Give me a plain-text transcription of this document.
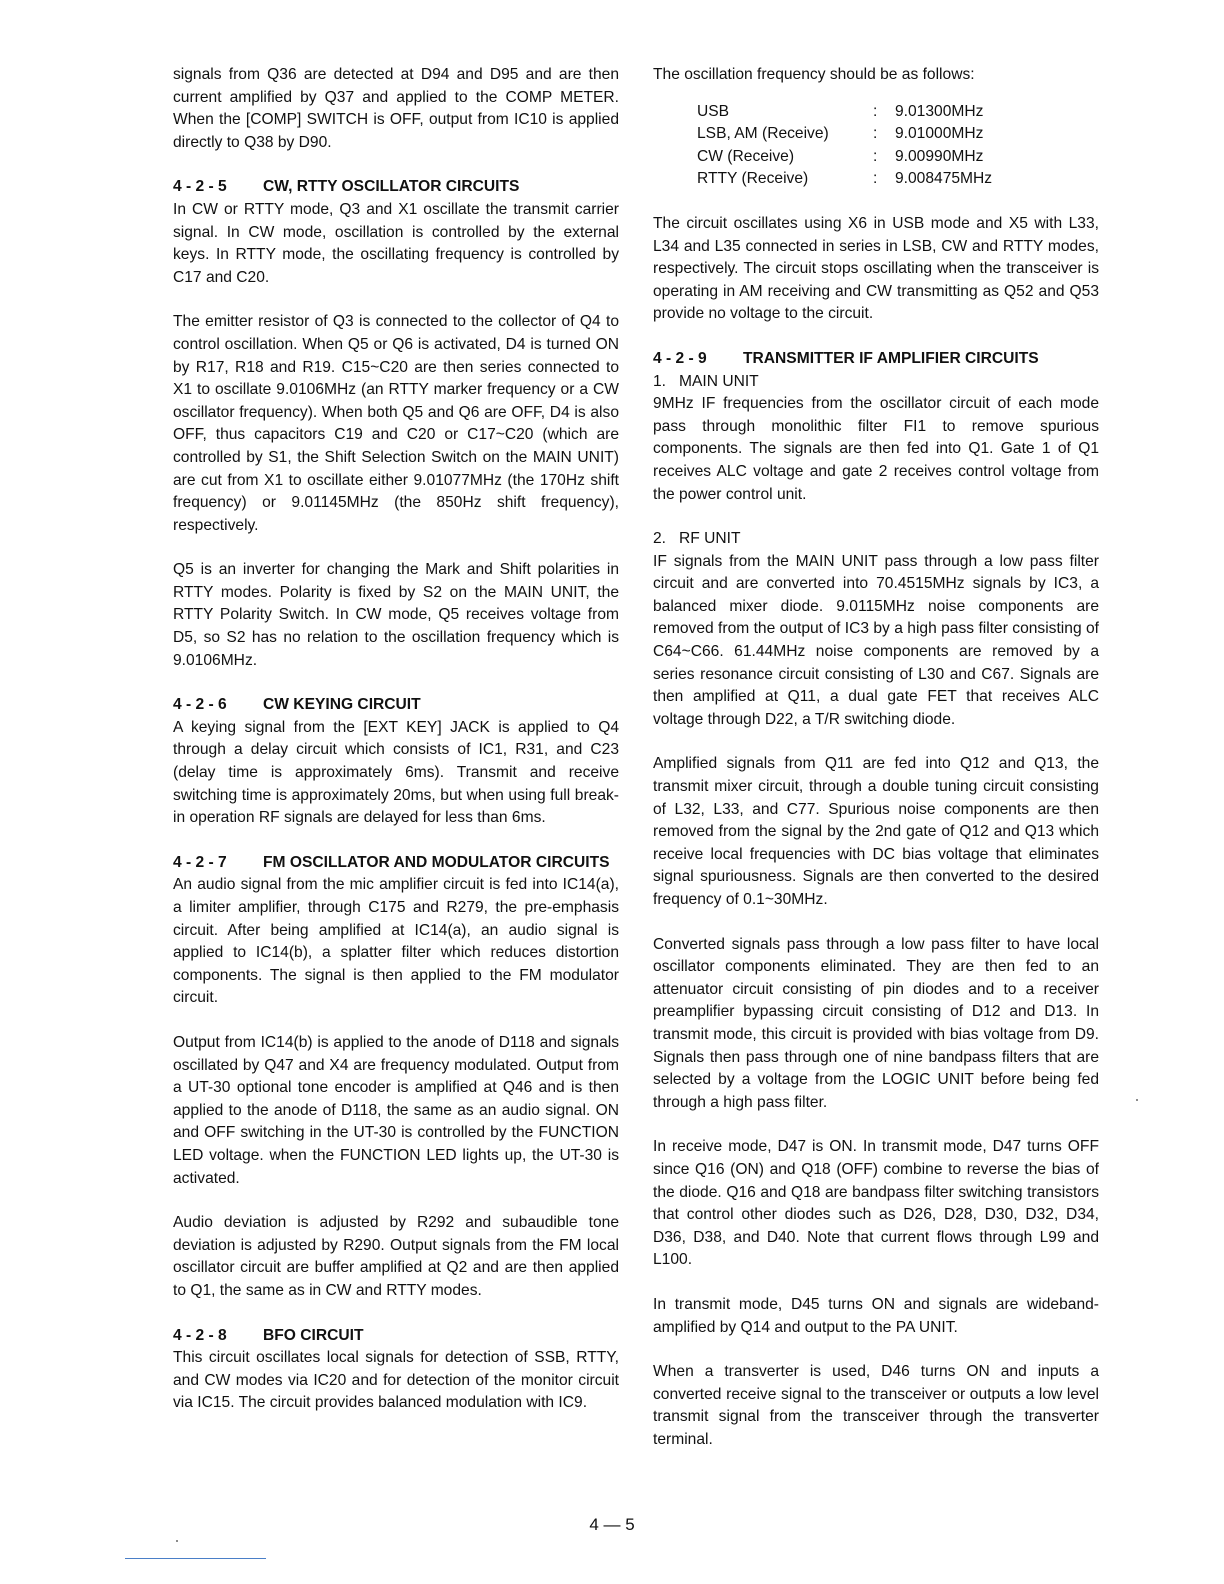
signals from Q36 are detected at D94 and D95 and are then current amplified by Q37 and applied to the COMP METER. When the [COMP] SWITCH is OFF, output from IC10 is applied directly to Q38 by D90.

4 - 2 - 5	CW, RTTY OSCILLATOR CIRCUITS

In CW or RTTY mode, Q3 and X1 oscillate the transmit carrier signal. In CW mode, oscillation is controlled by the external keys. In RTTY mode, the oscillating frequency is controlled by C17 and C20.

The emitter resistor of Q3 is connected to the collector of Q4 to control oscillation. When Q5 or Q6 is activated, D4 is turned ON by R17, R18 and R19. C15~C20 are then series connected to X1 to oscillate 9.0106MHz (an RTTY marker frequency or a CW oscillator frequency). When both Q5 and Q6 are OFF, D4 is also OFF, thus capacitors C19 and C20 or C17~C20 (which are controlled by S1, the Shift Selection Switch on the MAIN UNIT) are cut from X1 to oscillate either 9.01077MHz (the 170Hz shift frequency) or 9.01145MHz (the 850Hz shift frequency), respectively.

Q5 is an inverter for changing the Mark and Shift polarities in RTTY modes. Polarity is fixed by S2 on the MAIN UNIT, the RTTY Polarity Switch. In CW mode, Q5 receives voltage from D5, so S2 has no relation to the oscillation frequency which is 9.0106MHz.

4 - 2 - 6	CW KEYING CIRCUIT

A keying signal from the [EXT KEY] JACK is applied to Q4 through a delay circuit which consists of IC1, R31, and C23 (delay time is approximately 6ms). Transmit and receive switching time is approximately 20ms, but when using full break-in operation RF signals are delayed for less than 6ms.

4 - 2 - 7	FM OSCILLATOR AND MODULATOR CIRCUITS

An audio signal from the mic amplifier circuit is fed into IC14(a), a limiter amplifier, through C175 and R279, the pre-emphasis circuit. After being amplified at IC14(a), an audio signal is applied to IC14(b), a splatter filter which reduces distortion components. The signal is then applied to the FM modulator circuit.

Output from IC14(b) is applied to the anode of D118 and signals oscillated by Q47 and X4 are frequency modulated. Output from a UT-30 optional tone encoder is amplified at Q46 and is then applied to the anode of D118, the same as an audio signal. ON and OFF switching in the UT-30 is controlled by the FUNCTION LED voltage. when the FUNCTION LED lights up, the UT-30 is activated.

Audio deviation is adjusted by R292 and subaudible tone deviation is adjusted by R290. Output signals from the FM local oscillator circuit are buffer amplified at Q2 and are then applied to Q1, the same as in CW and RTTY modes.

4 - 2 - 8	BFO CIRCUIT

This circuit oscillates local signals for detection of SSB, RTTY, and CW modes via IC20 and for detection of the monitor circuit via IC15. The circuit provides balanced modulation with IC9.

The oscillation frequency should be as follows:

USB	:	9.01300MHz
LSB, AM (Receive)	:	9.01000MHz
CW (Receive)	:	9.00990MHz
RTTY (Receive)	:	9.008475MHz

The circuit oscillates using X6 in USB mode and X5 with L33, L34 and L35 connected in series in LSB, CW and RTTY modes, respectively. The circuit stops oscillating when the transceiver is operating in AM receiving and CW transmitting as Q52 and Q53 provide no voltage to the circuit.

4 - 2 - 9	TRANSMITTER IF AMPLIFIER CIRCUITS

1.   MAIN UNIT

9MHz IF frequencies from the oscillator circuit of each mode pass through monolithic filter FI1 to remove spurious components. The signals are then fed into Q1. Gate 1 of Q1 receives ALC voltage and gate 2 receives control voltage from the power control unit.

2.   RF UNIT

IF signals from the MAIN UNIT pass through a low pass filter circuit and are converted into 70.4515MHz signals by IC3, a balanced mixer diode. 9.0115MHz noise components are removed from the output of IC3 by a high pass filter consisting of C64~C66. 61.44MHz noise components are removed by a series resonance circuit consisting of L30 and C67. Signals are then amplified at Q11, a dual gate FET that receives ALC voltage through D22, a T/R switching diode.

Amplified signals from Q11 are fed into Q12 and Q13, the transmit mixer circuit, through a double tuning circuit consisting of L32, L33, and C77. Spurious noise components are then removed from the signal by the 2nd gate of Q12 and Q13 which receive local frequencies with DC bias voltage that eliminates signal spuriousness. Signals are then converted to the desired frequency of 0.1~30MHz.

Converted signals pass through a low pass filter to have local oscillator components eliminated. They are then fed to an attenuator circuit consisting of pin diodes and to a receiver preamplifier bypassing circuit consisting of D12 and D13. In transmit mode, this circuit is provided with bias voltage from D9. Signals then pass through one of nine bandpass filters that are selected by a voltage from the LOGIC UNIT before being fed through a high pass filter.

In receive mode, D47 is ON. In transmit mode, D47 turns OFF since Q16 (ON) and Q18 (OFF) combine to reverse the bias of the diode. Q16 and Q18 are bandpass filter switching transistors that control other diodes such as D26, D28, D30, D32, D34, D36, D38, and D40. Note that current flows through L99 and L100.

In transmit mode, D45 turns ON and signals are wideband-amplified by Q14 and output to the PA UNIT.

When a transverter is used, D46 turns ON and inputs a converted receive signal to the transceiver or outputs a low level transmit signal from the transceiver through the transverter terminal.

4 — 5
